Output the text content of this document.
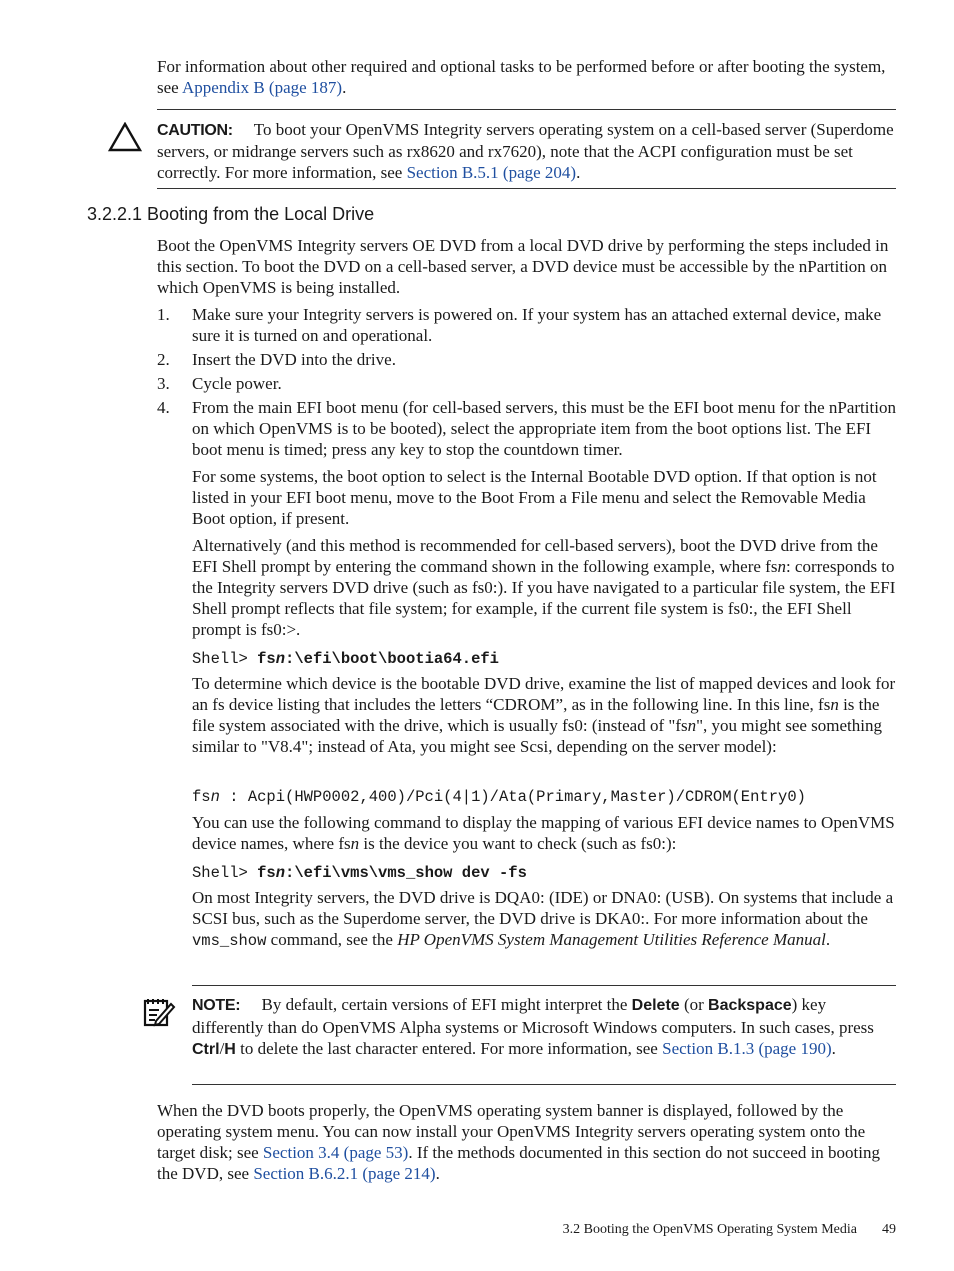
For information about other required and optional tasks to be performed before or after booting the system, see Appendix B (page 187).

CAUTION: To boot your OpenVMS Integrity servers operating system on a cell-based server (Superdome servers, or midrange servers such as rx8620 and rx7620), note that the ACPI configuration must be set correctly. For more information, see Section B.5.1 (page 204).

3.2.2.1 Booting from the Local Drive

Boot the OpenVMS Integrity servers OE DVD from a local DVD drive by performing the steps included in this section. To boot the DVD on a cell-based server, a DVD device must be accessible by the nPartition on which OpenVMS is being installed.

1. Make sure your Integrity servers is powered on. If your system has an attached external device, make sure it is turned on and operational.

2. Insert the DVD into the drive.

3. Cycle power.

4. From the main EFI boot menu (for cell-based servers, this must be the EFI boot menu for the nPartition on which OpenVMS is to be booted), select the appropriate item from the boot options list. The EFI boot menu is timed; press any key to stop the countdown timer.

For some systems, the boot option to select is the Internal Bootable DVD option. If that option is not listed in your EFI boot menu, move to the Boot From a File menu and select the Removable Media Boot option, if present.

Alternatively (and this method is recommended for cell-based servers), boot the DVD drive from the EFI Shell prompt by entering the command shown in the following example, where fsn: corresponds to the Integrity servers DVD drive (such as fs0:). If you have navigated to a particular file system, the EFI Shell prompt reflects that file system; for example, if the current file system is fs0:, the EFI Shell prompt is fs0:>.

Shell> fsn:\efi\boot\bootia64.efi

To determine which device is the bootable DVD drive, examine the list of mapped devices and look for an fs device listing that includes the letters “CDROM”, as in the following line. In this line, fsn is the file system associated with the drive, which is usually fs0: (instead of "fsn", you might see something similar to "V8.4"; instead of Ata, you might see Scsi, depending on the server model):

fsn : Acpi(HWP0002,400)/Pci(4|1)/Ata(Primary,Master)/CDROM(Entry0)

You can use the following command to display the mapping of various EFI device names to OpenVMS device names, where fsn is the device you want to check (such as fs0:):

Shell> fsn:\efi\vms\vms_show dev -fs

On most Integrity servers, the DVD drive is DQA0: (IDE) or DNA0: (USB). On systems that include a SCSI bus, such as the Superdome server, the DVD drive is DKA0:. For more information about the vms_show command, see the HP OpenVMS System Management Utilities Reference Manual.

NOTE: By default, certain versions of EFI might interpret the Delete (or Backspace) key differently than do OpenVMS Alpha systems or Microsoft Windows computers. In such cases, press Ctrl/H to delete the last character entered. For more information, see Section B.1.3 (page 190).

When the DVD boots properly, the OpenVMS operating system banner is displayed, followed by the operating system menu. You can now install your OpenVMS Integrity servers operating system onto the target disk; see Section 3.4 (page 53). If the methods documented in this section do not succeed in booting the DVD, see Section B.6.2.1 (page 214).

3.2 Booting the OpenVMS Operating System Media 49
